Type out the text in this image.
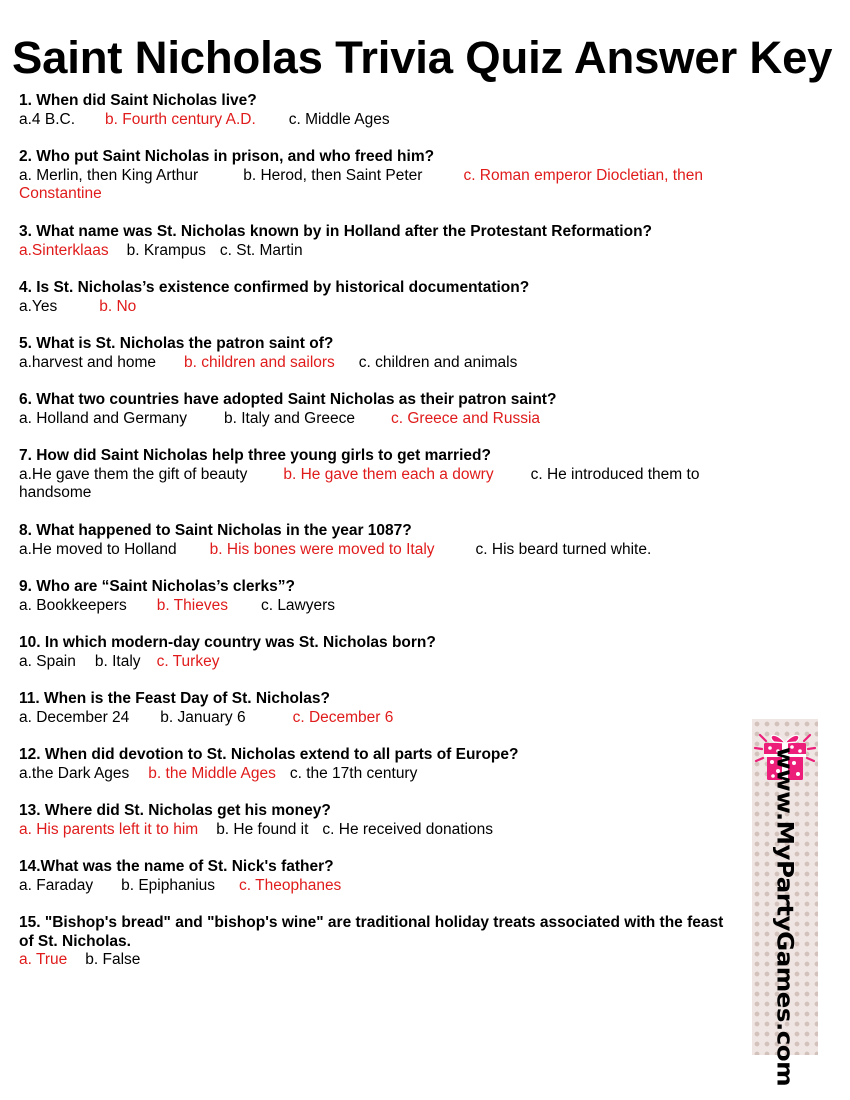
Saint Nicholas Trivia Quiz Answer Key
1. When did Saint Nicholas live?
a.4 B.C. b. Fourth century A.D. c. Middle Ages
2. Who put Saint Nicholas in prison, and who freed him?
a. Merlin, then King Arthur	b. Herod, then Saint Peter	c. Roman emperor Diocletian, then Constantine
3. What name was St. Nicholas known by in Holland after the Protestant Reformation?
a.Sinterklaas b. Krampus c. St. Martin
4. Is St. Nicholas’s existence confirmed by historical documentation?
a.Yes	b. No
5. What is St. Nicholas the patron saint of?
a.harvest and home b. children and sailors c. children and animals
6. What two countries have adopted Saint Nicholas as their patron saint?
a. Holland and Germany b. Italy and Greece c. Greece and Russia
7. How did Saint Nicholas help three young girls to get married?
a.He gave them the gift of beauty b. He gave them each a dowry c. He introduced them to handsome
8. What happened to Saint Nicholas in the year 1087?
a.He moved to Holland b. His bones were moved to Italy	c. His beard turned white.
9. Who are “Saint Nicholas’s clerks”?
a. Bookkeepers b. Thieves c. Lawyers
10. In which modern-day country was St. Nicholas born?
a. Spain b. Italy c. Turkey
11. When is the Feast Day of St. Nicholas?
a. December 24 b. January 6	c. December 6
12. When did devotion to St. Nicholas extend to all parts of Europe?
a.the Dark Ages b. the Middle Ages c. the 17th century
13. Where did St. Nicholas get his money?
a. His parents left it to him b. He found it c. He received donations
14.What was the name of St. Nick's father?
a. Faraday b. Epiphanius c. Theophanes
15. "Bishop's bread" and "bishop's wine" are traditional holiday treats associated with the feast of St. Nicholas.
a. True b. False	www.MyPartyGames.com
